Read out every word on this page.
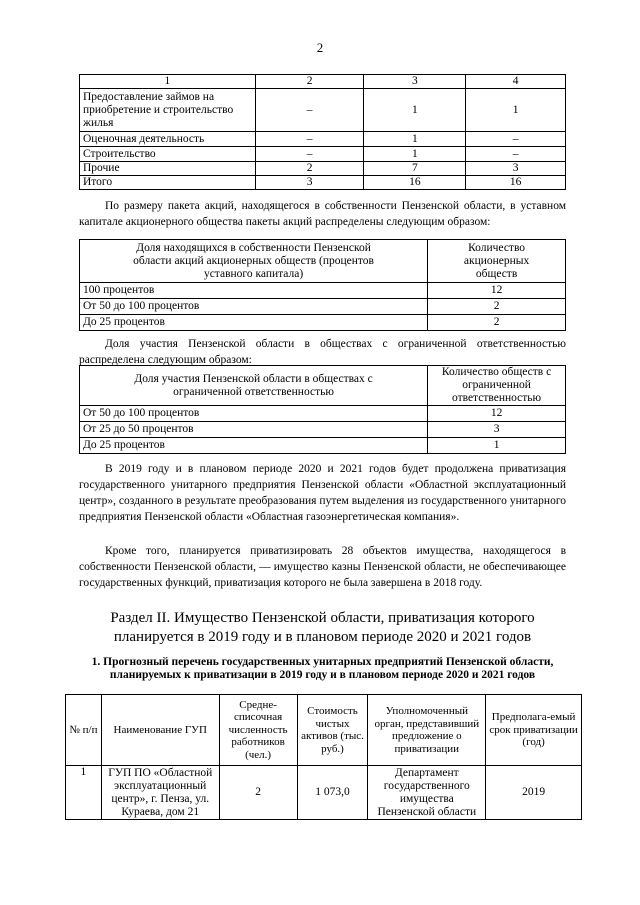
2
1	2	3	4
Предоставление займов на приобретение и строительство жилья	–	1	1
Оценочная деятельность	–	1	–
Строительство	–	1	–
Прочие	2	7	3
Итого	3	16	16

По размеру пакета акций, находящегося в собственности Пензенской области, в уставном капитале акционерного общества пакеты акций распределены следующим образом:

Доля находящихся в собственности Пензенской области акций акционерных обществ (процентов уставного капитала)	Количество акционерных обществ
100 процентов	12
От 50 до 100 процентов	2
До 25 процентов	2

Доля участия Пензенской области в обществах с ограниченной ответственностью распределена следующим образом:

Доля участия Пензенской области в обществах с ограниченной ответственностью	Количество обществ с ограниченной ответственностью
От 50 до 100 процентов	12
От 25 до 50 процентов	3
До 25 процентов	1

В 2019 году и в плановом периоде 2020 и 2021 годов будет продолжена приватизация государственного унитарного предприятия Пензенской области «Областной эксплуатационный центр», созданного в результате преобразования путем выделения из государственного унитарного предприятия Пензенской области «Областная газоэнергетическая компания».

Кроме того, планируется приватизировать 28 объектов имущества, находящегося в собственности Пензенской области, — имущество казны Пензенской области, не обеспечивающее государственных функций, приватизация которого не была завершена в 2018 году.

Раздел II. Имущество Пензенской области, приватизация которого планируется в 2019 году и в плановом периоде 2020 и 2021 годов

1. Прогнозный перечень государственных унитарных предприятий Пензенской области, планируемых к приватизации в 2019 году и в плановом периоде 2020 и 2021 годов

№ п/п	Наименование ГУП	Средне-списочная численность работников (чел.)	Стоимость чистых активов (тыс. руб.)	Уполномоченный орган, представивший предложение о приватизации	Предполага-емый срок приватизации (год)
1	ГУП ПО «Областной эксплуатационный центр», г. Пенза, ул. Кураева, дом 21	2	1 073,0	Департамент государственного имущества Пензенской области	2019
